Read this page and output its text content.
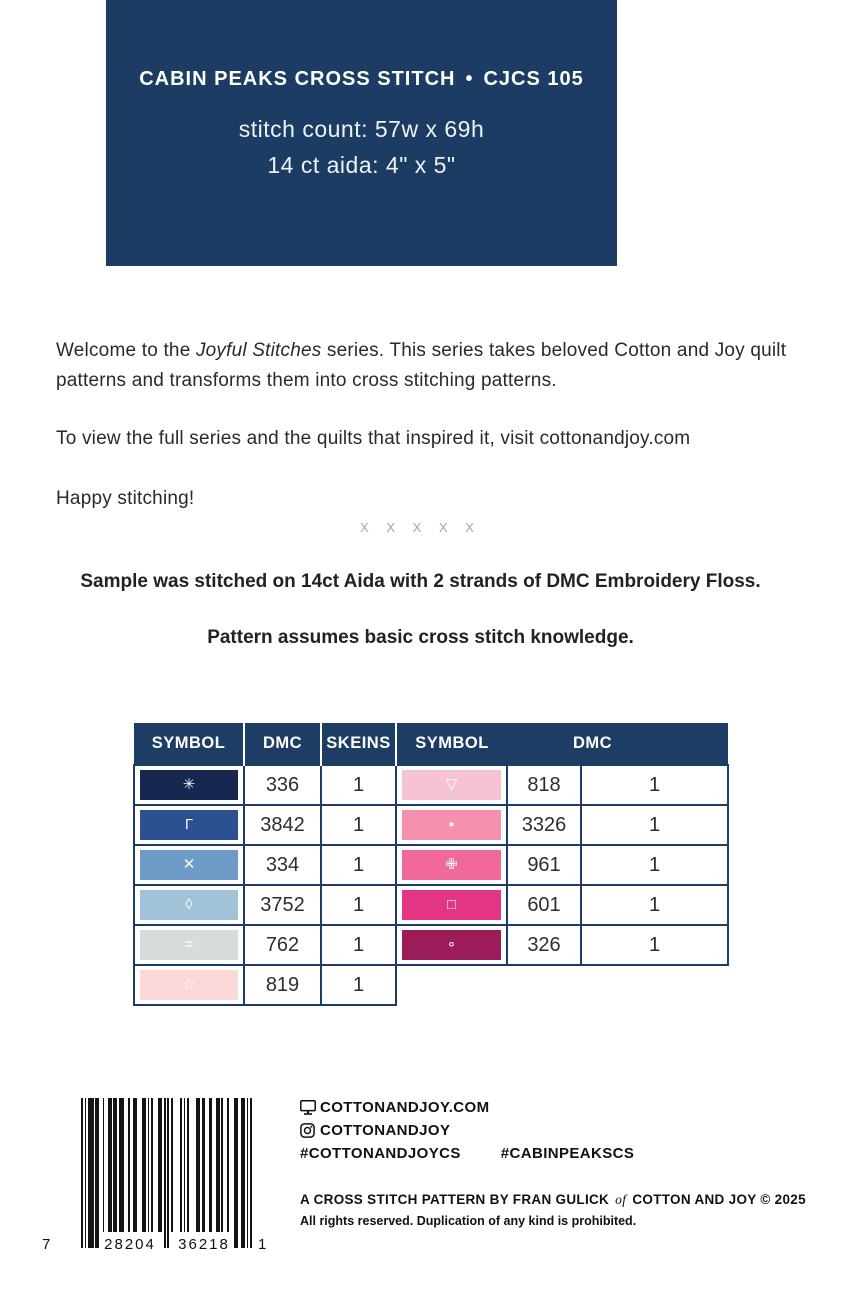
CABIN PEAKS CROSS STITCH • CJCS 105
stitch count: 57w x 69h
14 ct aida: 4" x 5"

Welcome to the Joyful Stitches series. This series takes beloved Cotton and Joy quilt patterns and transforms them into cross stitching patterns.

To view the full series and the quilts that inspired it, visit cottonandjoy.com

Happy stitching!

X X X X X
Sample was stitched on 14ct Aida with 2 strands of DMC Embroidery Floss.
Pattern assumes basic cross stitch knowledge.
SYMBOL	DMC	SKEINS	SYMBOL	DMC	

✳	336	1	▽	818	1

Γ	3842	1	▪	3326	1

✕	334	1	✙	961	1

◊	3752	1	□	601	1

=	762	1	∘	326	1

☆	819	1			
7	28204	36218	1
COTTONANDJOY.COM
COTTONANDJOY
#COTTONANDJOYCS	#CABINPEAKSCS
A CROSS STITCH PATTERN BY FRAN GULICK of COTTON AND JOY © 2025
All rights reserved. Duplication of any kind is prohibited.
